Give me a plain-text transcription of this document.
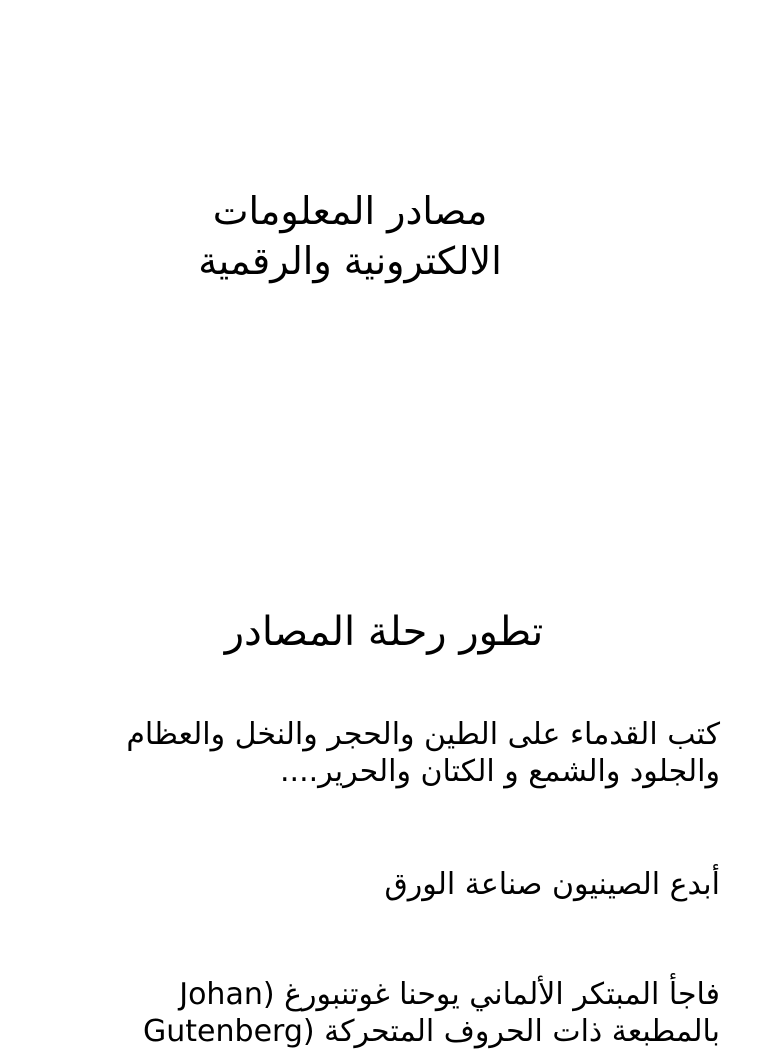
مصادر المعلومات
الالكترونية والرقمية
تطور رحلة المصادر

كتب القدماء على الطين والحجر والنخل والعظام
والجلود والشمع و الكتان والحرير....

أبدع الصينيون صناعة الورق

فاجأ المبتكر الألماني يوحنا غوتنبورغ (Johan
بالمطبعة ذات الحروف المتحركة (Gutenberg
